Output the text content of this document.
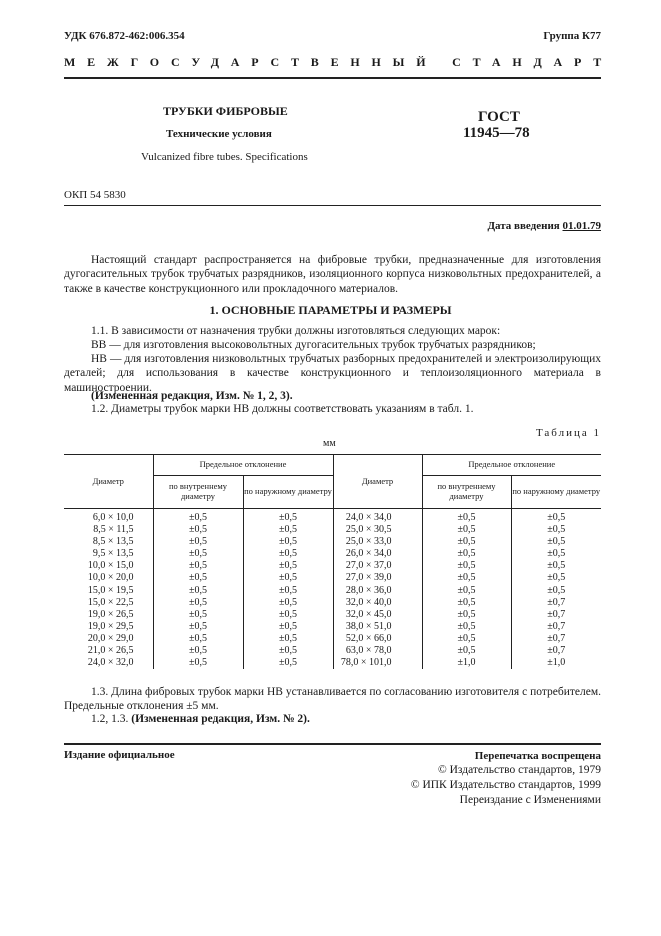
УДК 676.872-462:006.354	Группа К77
МЕЖГОСУДАРСТВЕННЫЙ СТАНДАРТ
ТРУБКИ ФИБРОВЫЕ
Технические условия
Vulcanized fibre tubes. Specifications
ГОСТ
11945—78
ОКП 54 5830
Дата введения 01.01.79
Настоящий стандарт распространяется на фибровые трубки, предназначенные для изготовления дугогасительных трубок трубчатых разрядников, изоляционного корпуса низковольтных предохранителей, а также в качестве конструкционного или прокладочного материалов.
1. ОСНОВНЫЕ ПАРАМЕТРЫ И РАЗМЕРЫ
1.1. В зависимости от назначения трубки должны изготовляться следующих марок:
ВВ — для изготовления высоковольтных дугогасительных трубок трубчатых разрядников;
НВ — для изготовления низковольтных трубчатых разборных предохранителей и электроизолирующих деталей; для использования в качестве конструкционного и теплоизоляционного материала в машиностроении.
(Измененная редакция, Изм. № 1, 2, 3).
1.2. Диаметры трубок марки НВ должны соответствовать указаниям в табл. 1.
Таблица 1
мм
Диаметр	Предельное отклонение		Диаметр	Предельное отклонение	
	по внутреннему диаметру	по наружному диаметру		по внутреннему диаметру	по наружному диаметру
6,0 × 10,0	±0,5	±0,5	24,0 × 34,0	±0,5	±0,5
8,5 × 11,5	±0,5	±0,5	25,0 × 30,5	±0,5	±0,5
8,5 × 13,5	±0,5	±0,5	25,0 × 33,0	±0,5	±0,5
9,5 × 13,5	±0,5	±0,5	26,0 × 34,0	±0,5	±0,5
10,0 × 15,0	±0,5	±0,5	27,0 × 37,0	±0,5	±0,5
10,0 × 20,0	±0,5	±0,5	27,0 × 39,0	±0,5	±0,5
15,0 × 19,5	±0,5	±0,5	28,0 × 36,0	±0,5	±0,5
15,0 × 22,5	±0,5	±0,5	32,0 × 40,0	±0,5	±0,7
19,0 × 26,5	±0,5	±0,5	32,0 × 45,0	±0,5	±0,7
19,0 × 29,5	±0,5	±0,5	38,0 × 51,0	±0,5	±0,7
20,0 × 29,0	±0,5	±0,5	52,0 × 66,0	±0,5	±0,7
21,0 × 26,5	±0,5	±0,5	63,0 × 78,0	±0,5	±0,7
24,0 × 32,0	±0,5	±0,5	78,0 × 101,0	±1,0	±1,0
1.3. Длина фибровых трубок марки НВ устанавливается по согласованию изготовителя с потребителем. Предельные отклонения ±5 мм.
1.2, 1.3. (Измененная редакция, Изм. № 2).
Издание официальное	Перепечатка воспрещена
© Издательство стандартов, 1979
© ИПК Издательство стандартов, 1999
Переиздание с Изменениями
